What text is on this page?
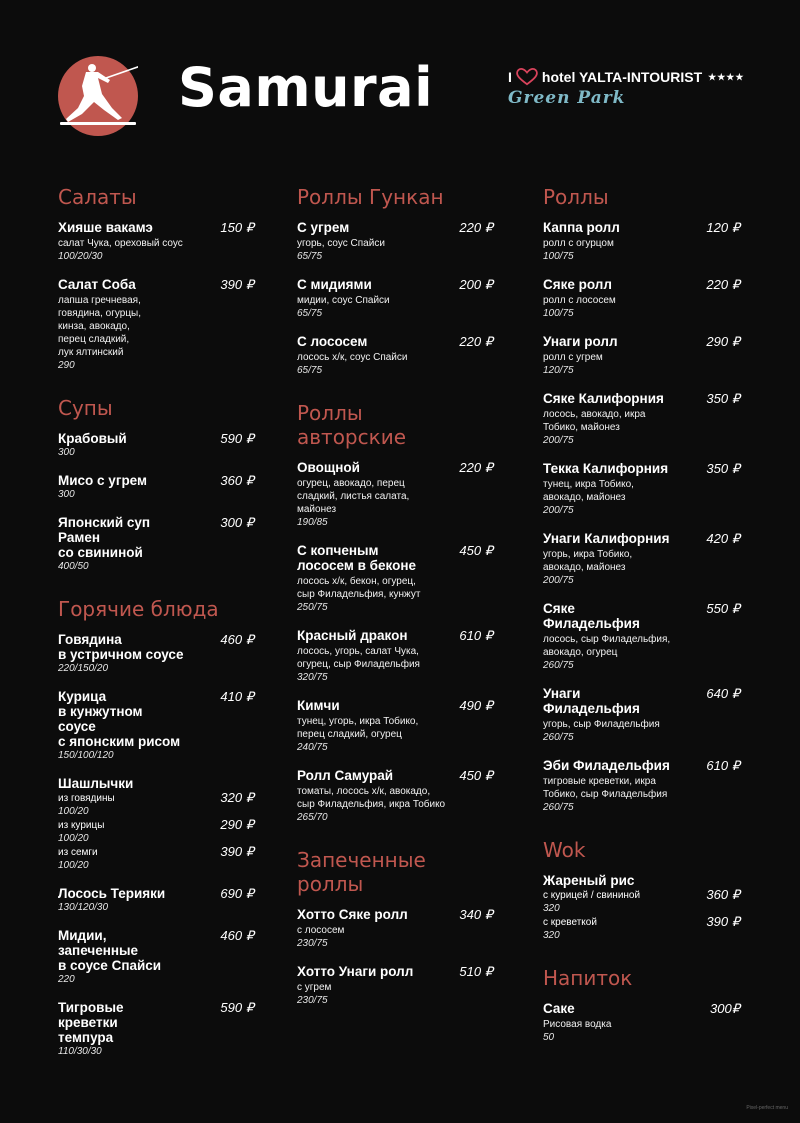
Samurai	I hotel YALTA-INTOURIST ★★★★
Green Park
Салаты
Хияше вакамэ	150 ₽
салат Чука, ореховый соус
100/20/30
Салат Соба	390 ₽
лапша гречневая,
говядина, огурцы,
кинза, авокадо,
перец сладкий,
лук ялтинский
290
Супы
Крабовый	590 ₽
300
Мисо с угрем	360 ₽
300
Японский суп Рамен
со свининой
300 ₽
400/50
Горячие блюда
Говядина
в устричном соусе
460 ₽
220/150/20
Курица
в кунжутном соусе
с японским рисом
410 ₽
150/100/120
Шашлычки
из говядины	320 ₽
100/20
из курицы	290 ₽
100/20
из семги	390 ₽
100/20
Лосось Терияки	690 ₽
130/120/30
Мидии, запеченные
в соусе Спайси
460 ₽
220
Тигровые креветки
темпура
590 ₽
110/30/30
Роллы Гункан
С угрем	220 ₽
угорь, соус Спайси
65/75
С мидиями	200 ₽
мидии, соус Спайси
65/75
С лососем	220 ₽
лосось х/к, соус Спайси
65/75
Роллы
авторские
Овощной	220 ₽
огурец, авокадо, перец
сладкий, листья салата,
майонез
190/85
С копченым
лососем в беконе
450 ₽
лосось х/к, бекон, огурец,
сыр Филадельфия, кунжут
250/75
Красный дракон	610 ₽
лосось, угорь, салат Чука,
огурец, сыр Филадельфия
320/75
Кимчи	490 ₽
тунец, угорь, икра Тобико,
перец сладкий, огурец
240/75
Ролл Самурай	450 ₽
томаты, лосось х/к, авокадо,
сыр Филадельфия, икра Тобико
265/70
Запеченные
роллы
Хотто Сяке ролл	340 ₽
с лососем
230/75
Хотто Унаги ролл	510 ₽
с угрем
230/75
Роллы
Каппа ролл	120 ₽
ролл с огурцом
100/75
Сяке ролл	220 ₽
ролл с лососем
100/75
Унаги ролл	290 ₽
ролл с угрем
120/75
Сяке Калифорния	350 ₽
лосось, авокадо, икра
Тобико, майонез
200/75
Текка Калифорния	350 ₽
тунец, икра Тобико,
авокадо, майонез
200/75
Унаги Калифорния	420 ₽
угорь, икра Тобико,
авокадо, майонез
200/75
Сяке Филадельфия
550 ₽
лосось, сыр Филадельфия,
авокадо, огурец
260/75
Унаги Филадельфия
640 ₽
угорь, сыр Филадельфия
260/75
Эби Филадельфия	610 ₽
тигровые креветки, икра
Тобико, сыр Филадельфия
260/75
Wok
Жареный рис
с курицей / свининой	360 ₽
320
с креветкой	390 ₽
320
Напиток
Саке	300₽
Рисовая водка
50
Pixel-perfect menu
